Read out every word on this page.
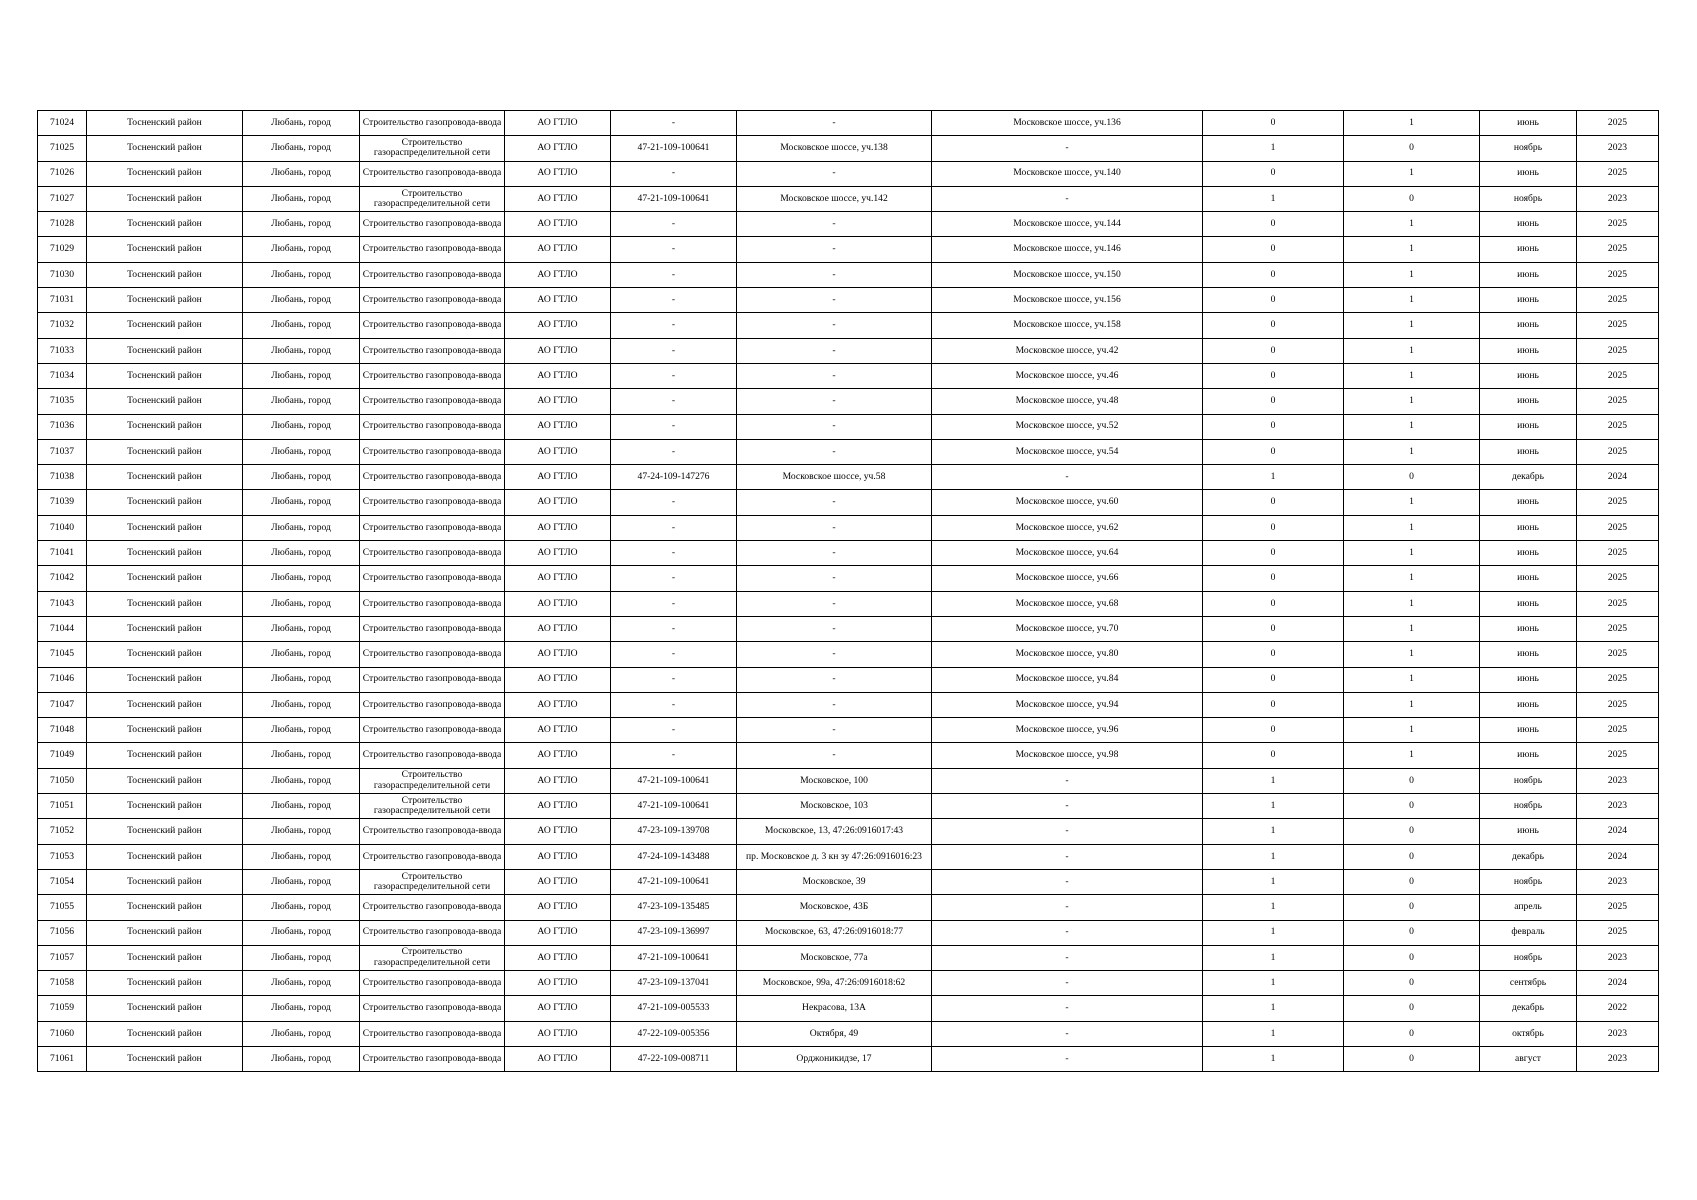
71024	Тосненский район	Любань, город	Строительство газопровода-ввода	АО ГТЛО	-	-	Московское шоссе, уч.136	0	1	июнь	2025
71025	Тосненский район	Любань, город	Строительство газораспределительной сети	АО ГТЛО	47-21-109-100641	Московское шоссе, уч.138	-	1	0	ноябрь	2023
71026	Тосненский район	Любань, город	Строительство газопровода-ввода	АО ГТЛО	-	-	Московское шоссе, уч.140	0	1	июнь	2025
71027	Тосненский район	Любань, город	Строительство газораспределительной сети	АО ГТЛО	47-21-109-100641	Московское шоссе, уч.142	-	1	0	ноябрь	2023
71028	Тосненский район	Любань, город	Строительство газопровода-ввода	АО ГТЛО	-	-	Московское шоссе, уч.144	0	1	июнь	2025
71029	Тосненский район	Любань, город	Строительство газопровода-ввода	АО ГТЛО	-	-	Московское шоссе, уч.146	0	1	июнь	2025
71030	Тосненский район	Любань, город	Строительство газопровода-ввода	АО ГТЛО	-	-	Московское шоссе, уч.150	0	1	июнь	2025
71031	Тосненский район	Любань, город	Строительство газопровода-ввода	АО ГТЛО	-	-	Московское шоссе, уч.156	0	1	июнь	2025
71032	Тосненский район	Любань, город	Строительство газопровода-ввода	АО ГТЛО	-	-	Московское шоссе, уч.158	0	1	июнь	2025
71033	Тосненский район	Любань, город	Строительство газопровода-ввода	АО ГТЛО	-	-	Московское шоссе, уч.42	0	1	июнь	2025
71034	Тосненский район	Любань, город	Строительство газопровода-ввода	АО ГТЛО	-	-	Московское шоссе, уч.46	0	1	июнь	2025
71035	Тосненский район	Любань, город	Строительство газопровода-ввода	АО ГТЛО	-	-	Московское шоссе, уч.48	0	1	июнь	2025
71036	Тосненский район	Любань, город	Строительство газопровода-ввода	АО ГТЛО	-	-	Московское шоссе, уч.52	0	1	июнь	2025
71037	Тосненский район	Любань, город	Строительство газопровода-ввода	АО ГТЛО	-	-	Московское шоссе, уч.54	0	1	июнь	2025
71038	Тосненский район	Любань, город	Строительство газопровода-ввода	АО ГТЛО	47-24-109-147276	Московское шоссе, уч.58	-	1	0	декабрь	2024
71039	Тосненский район	Любань, город	Строительство газопровода-ввода	АО ГТЛО	-	-	Московское шоссе, уч.60	0	1	июнь	2025
71040	Тосненский район	Любань, город	Строительство газопровода-ввода	АО ГТЛО	-	-	Московское шоссе, уч.62	0	1	июнь	2025
71041	Тосненский район	Любань, город	Строительство газопровода-ввода	АО ГТЛО	-	-	Московское шоссе, уч.64	0	1	июнь	2025
71042	Тосненский район	Любань, город	Строительство газопровода-ввода	АО ГТЛО	-	-	Московское шоссе, уч.66	0	1	июнь	2025
71043	Тосненский район	Любань, город	Строительство газопровода-ввода	АО ГТЛО	-	-	Московское шоссе, уч.68	0	1	июнь	2025
71044	Тосненский район	Любань, город	Строительство газопровода-ввода	АО ГТЛО	-	-	Московское шоссе, уч.70	0	1	июнь	2025
71045	Тосненский район	Любань, город	Строительство газопровода-ввода	АО ГТЛО	-	-	Московское шоссе, уч.80	0	1	июнь	2025
71046	Тосненский район	Любань, город	Строительство газопровода-ввода	АО ГТЛО	-	-	Московское шоссе, уч.84	0	1	июнь	2025
71047	Тосненский район	Любань, город	Строительство газопровода-ввода	АО ГТЛО	-	-	Московское шоссе, уч.94	0	1	июнь	2025
71048	Тосненский район	Любань, город	Строительство газопровода-ввода	АО ГТЛО	-	-	Московское шоссе, уч.96	0	1	июнь	2025
71049	Тосненский район	Любань, город	Строительство газопровода-ввода	АО ГТЛО	-	-	Московское шоссе, уч.98	0	1	июнь	2025
71050	Тосненский район	Любань, город	Строительство газораспределительной сети	АО ГТЛО	47-21-109-100641	Московское, 100	-	1	0	ноябрь	2023
71051	Тосненский район	Любань, город	Строительство газораспределительной сети	АО ГТЛО	47-21-109-100641	Московское, 103	-	1	0	ноябрь	2023
71052	Тосненский район	Любань, город	Строительство газопровода-ввода	АО ГТЛО	47-23-109-139708	Московское, 13, 47:26:0916017:43	-	1	0	июнь	2024
71053	Тосненский район	Любань, город	Строительство газопровода-ввода	АО ГТЛО	47-24-109-143488	пр. Московское д. 3 кн зу 47:26:0916016:23	-	1	0	декабрь	2024
71054	Тосненский район	Любань, город	Строительство газораспределительной сети	АО ГТЛО	47-21-109-100641	Московское, 39	-	1	0	ноябрь	2023
71055	Тосненский район	Любань, город	Строительство газопровода-ввода	АО ГТЛО	47-23-109-135485	Московское, 43Б	-	1	0	апрель	2025
71056	Тосненский район	Любань, город	Строительство газопровода-ввода	АО ГТЛО	47-23-109-136997	Московское, 63, 47:26:0916018:77	-	1	0	февраль	2025
71057	Тосненский район	Любань, город	Строительство газораспределительной сети	АО ГТЛО	47-21-109-100641	Московское, 77а	-	1	0	ноябрь	2023
71058	Тосненский район	Любань, город	Строительство газопровода-ввода	АО ГТЛО	47-23-109-137041	Московское, 99а, 47:26:0916018:62	-	1	0	сентябрь	2024
71059	Тосненский район	Любань, город	Строительство газопровода-ввода	АО ГТЛО	47-21-109-005533	Некрасова, 13А	-	1	0	декабрь	2022
71060	Тосненский район	Любань, город	Строительство газопровода-ввода	АО ГТЛО	47-22-109-005356	Октября, 49	-	1	0	октябрь	2023
71061	Тосненский район	Любань, город	Строительство газопровода-ввода	АО ГТЛО	47-22-109-008711	Орджоникидзе, 17	-	1	0	август	2023
